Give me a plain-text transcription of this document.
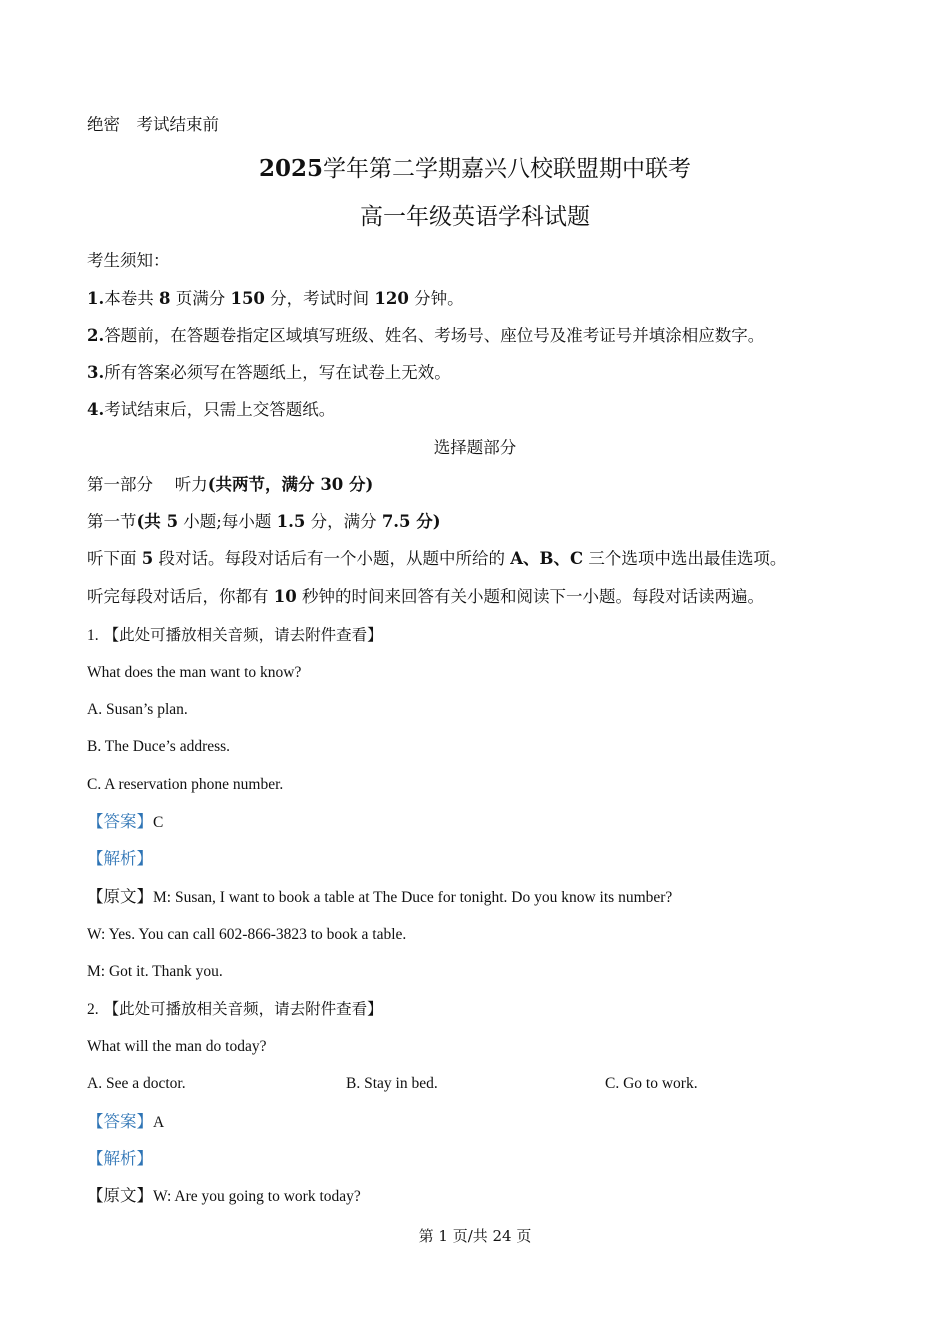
绝密　考试结束前
2025学年第二学期嘉兴八校联盟期中联考
高一年级英语学科试题
考生须知：
1.本卷共 8 页满分 150 分，考试时间 120 分钟。
2.答题前，在答题卷指定区域填写班级、姓名、考场号、座位号及准考证号并填涂相应数字。
3.所有答案必须写在答题纸上，写在试卷上无效。
4.考试结束后，只需上交答题纸。
选择题部分
第一部分　 听力(共两节，满分 30 分)
第一节(共 5 小题;每小题 1.5 分，满分 7.5 分)
听下面 5 段对话。每段对话后有一个小题，从题中所给的 A、B、C 三个选项中选出最佳选项。
听完每段对话后，你都有 10 秒钟的时间来回答有关小题和阅读下一小题。每段对话读两遍。
1. 【此处可播放相关音频，请去附件查看】
What does the man want to know?
A. Susan’s plan.
B. The Duce’s address.
C. A reservation phone number.
【答案】C
【解析】
【原文】M: Susan, I want to book a table at The Duce for tonight. Do you know its number?
W: Yes. You can call 602-866-3823 to book a table.
M: Got it. Thank you.
2. 【此处可播放相关音频，请去附件查看】
What will the man do today?
A. See a doctor.	B. Stay in bed.	C. Go to work.
【答案】A
【解析】
【原文】W: Are you going to work today?
第 1 页/共 24 页
